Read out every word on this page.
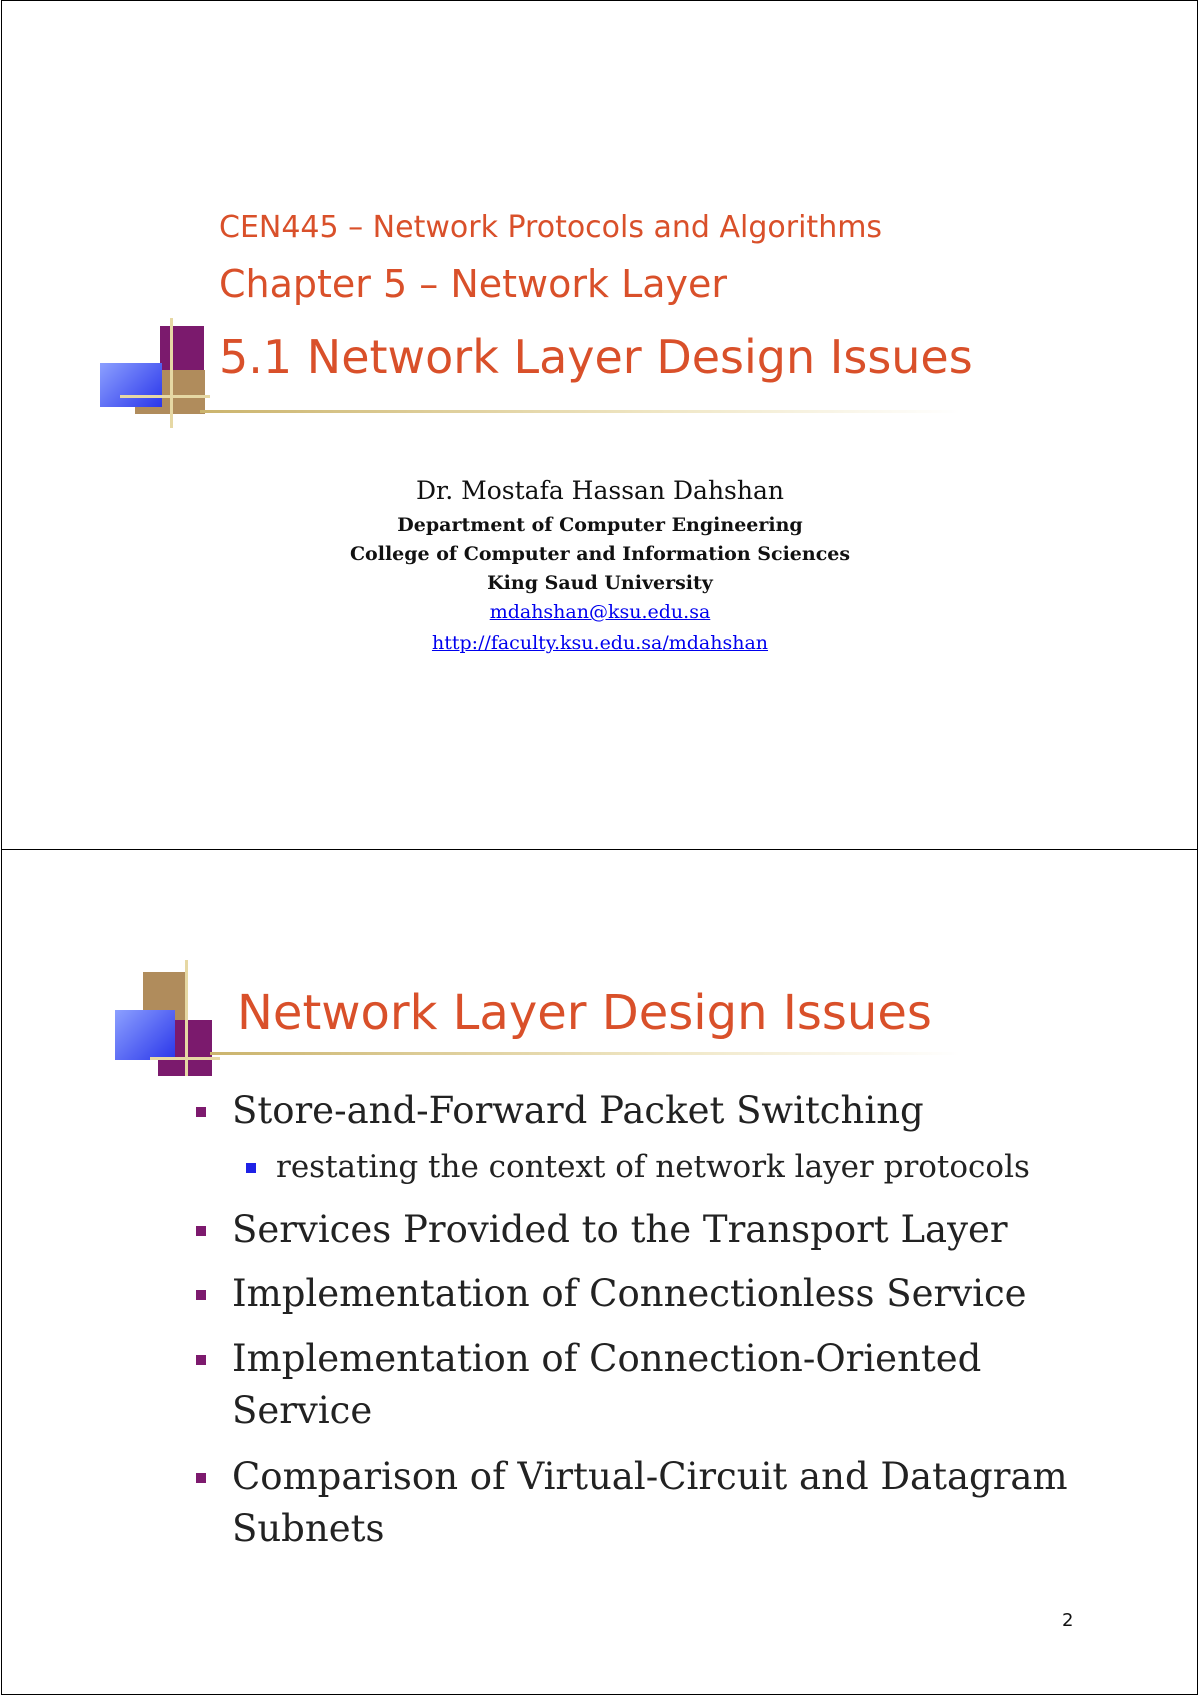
CEN445 – Network Protocols and Algorithms
Chapter 5 – Network Layer
5.1 Network Layer Design Issues
Dr. Mostafa Hassan Dahshan
Department of Computer Engineering
College of Computer and Information Sciences
King Saud University
mdahshan@ksu.edu.sa
http://faculty.ksu.edu.sa/mdahshan
Network Layer Design Issues
Store-and-Forward Packet Switching
restating the context of network layer protocols
Services Provided to the Transport Layer
Implementation of Connectionless Service
Implementation of Connection-Oriented
Service
Comparison of Virtual-Circuit and Datagram
Subnets
2
